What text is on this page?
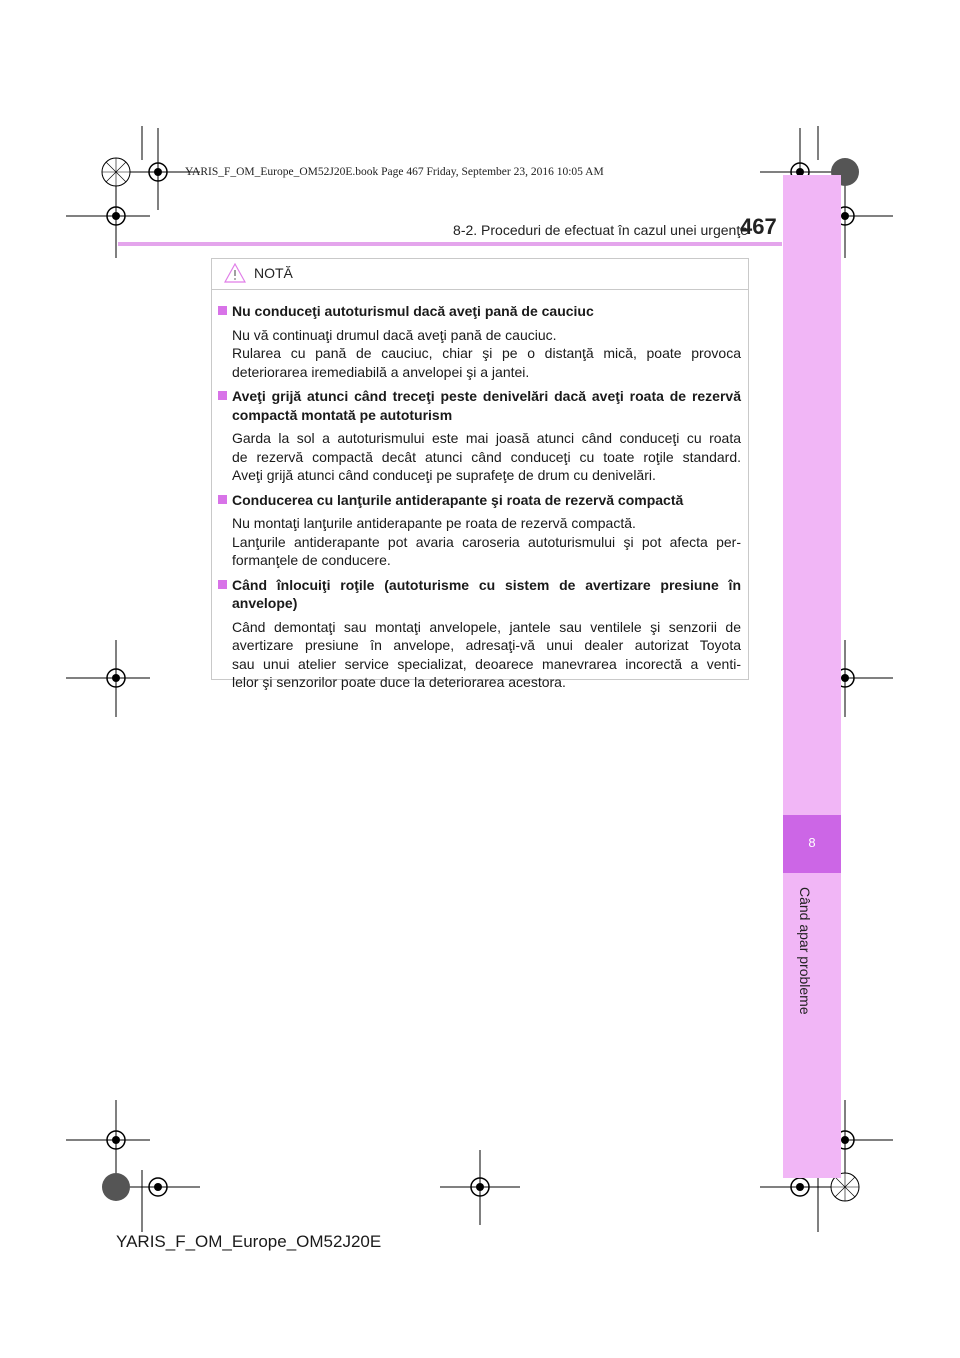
YARIS_F_OM_Europe_OM52J20E.book Page 467 Friday, September 23, 2016 10:05 AM
8-2. Proceduri de efectuat în cazul unei urgenţe
467
8
Când apar probleme
NOTĂ
Nu conduceţi autoturismul dacă aveţi pană de cauciuc
Nu vă continuaţi drumul dacă aveţi pană de cauciuc.
Rularea cu pană de cauciuc, chiar şi pe o distanţă mică, poate provoca
deteriorarea iremediabilă a anvelopei şi a jantei.
Aveţi grijă atunci când treceţi peste denivelări dacă aveţi roata de rezervă compactă montată pe autoturism
Garda la sol a autoturismului este mai joasă atunci când conduceţi cu roata
de rezervă compactă decât atunci când conduceţi cu toate roţile standard.
Aveţi grijă atunci când conduceţi pe suprafeţe de drum cu denivelări.
Conducerea cu lanţurile antiderapante şi roata de rezervă compactă
Nu montaţi lanţurile antiderapante pe roata de rezervă compactă.
Lanţurile antiderapante pot avaria caroseria autoturismului şi pot afecta per-
formanţele de conducere.
Când înlocuiţi roţile (autoturisme cu sistem de avertizare presiune în anvelope)
Când demontaţi sau montaţi anvelopele, jantele sau ventilele şi senzorii de
avertizare presiune în anvelope, adresaţi-vă unui dealer autorizat Toyota
sau unui atelier service specializat, deoarece manevrarea incorectă a venti-
lelor şi senzorilor poate duce la deteriorarea acestora.
YARIS_F_OM_Europe_OM52J20E
